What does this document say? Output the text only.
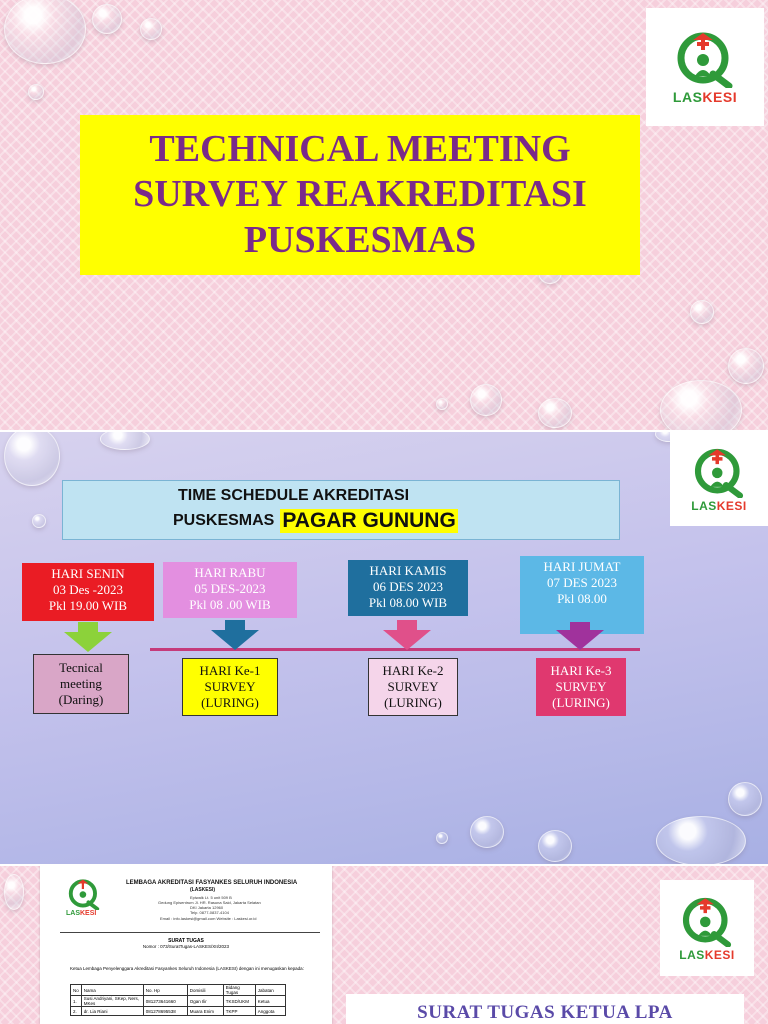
LASKESI
TECHNICAL MEETING
SURVEY REAKREDITASI
PUSKESMAS
LASKESI
TIME SCHEDULE AKREDITASI
PUSKESMAS PAGAR GUNUNG
HARI SENIN
03 Des -2023
Pkl 19.00 WIB
HARI RABU
05 DES-2023
Pkl 08 .00 WIB
HARI KAMIS
06 DES 2023
Pkl 08.00 WIB
HARI JUMAT
07 DES 2023
Pkl 08.00
Tecnical
meeting
(Daring)
HARI Ke-1
SURVEY
(LURING)
HARI Ke-2
SURVEY
(LURING)
HARI Ke-3
SURVEY
(LURING)
LASKESI
LEMBAGA AKREDITASI FASYANKES SELURUH INDONESIA
(LASKESI)
Epiwalk Lt. 5 unit 509 B
Gedung Episentrum Jl. HR. Rasuna Said, Jakarta Selatan
DKI Jakarta 12960
Telp. 0877-0837-4104
Email : info.laskesi@gmail.com Website : Laskesi.or.id
SURAT TUGAS
Nomor : 073/SuratTugas-LASKES/XII/2023
Ketua Lembaga Penyelenggara Akreditasi Fasyankes Seluruh Indonesia (LASKESI) dengan ini menugaskan kepada:
No	Nama	No. Hp	Domisili	Bidang Tugas	Jabatan
1.	Susi Andriyani, SKep, Ners, MKes	081273641660	Ogan Ilir	TKSD/UKM	Ketua
2.	dr. Lia Riani	081278695538	Muara Enim	TKPP	Anggota
LASKESI
SURAT TUGAS KETUA LPA
